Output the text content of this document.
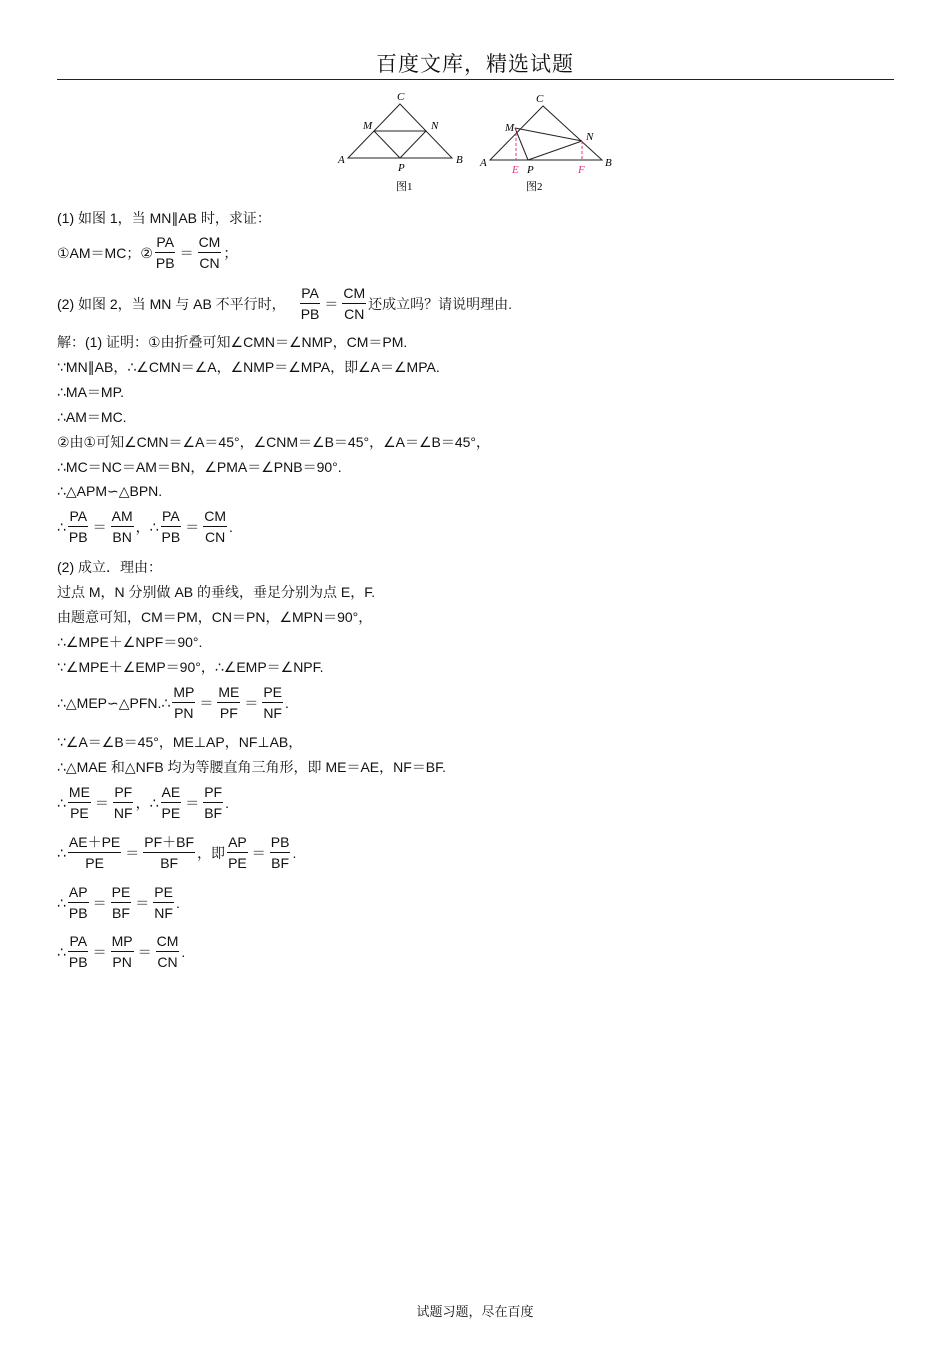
百度文库，精选试题
C
M	N
A	B
P
图1
C
M
N
A	B
P
E	F
图2
(1) 如图 1，当 MN∥AB 时，求证：
①AM＝MC；② $\frac{PA}{PB} = \frac{CM}{CN}$ ；
(2) 如图 2，当 MN 与 AB 不平行时， $\frac{PA}{PB} = \frac{CM}{CN}$ 还成立吗？请说明理由.
解：(1) 证明：①由折叠可知∠CMN＝∠NMP，CM＝PM.
∵MN∥AB，∴∠CMN＝∠A，∠NMP＝∠MPA，即∠A＝∠MPA.
∴MA＝MP.
∴AM＝MC.
②由①可知∠CMN＝∠A＝45°，∠CNM＝∠B＝45°，∠A＝∠B＝45°，
∴MC＝NC＝AM＝BN，∠PMA＝∠PNB＝90°.
∴△APM∽△BPN.
∴ $\frac{PA}{PB} = \frac{AM}{BN}$ ，∴ $\frac{PA}{PB} = \frac{CM}{CN}$ .
(2) 成立．理由：
过点 M，N 分别做 AB 的垂线，垂足分别为点 E，F.
由题意可知，CM＝PM，CN＝PN，∠MPN＝90°，
∴∠MPE＋∠NPF＝90°.
∵∠MPE＋∠EMP＝90°，∴∠EMP＝∠NPF.
∴△MEP∽△PFN.∴ $\frac{MP}{PN} = \frac{ME}{PF} = \frac{PE}{NF}$ .
∵∠A＝∠B＝45°，ME⊥AP，NF⊥AB，
∴△MAE 和△NFB 均为等腰直角三角形，即 ME＝AE，NF＝BF.
∴ $\frac{ME}{PE} = \frac{PF}{NF}$ ，∴ $\frac{AE}{PE} = \frac{PF}{BF}$ .
∴ $\frac{AE+PE}{PE} = \frac{PF+BF}{BF}$ ，即 $\frac{AP}{PE} = \frac{PB}{BF}$ .
∴ $\frac{AP}{PB} = \frac{PE}{BF} = \frac{PE}{NF}$ .
∴ $\frac{PA}{PB} = \frac{MP}{PN} = \frac{CM}{CN}$ .
试题习题，尽在百度
